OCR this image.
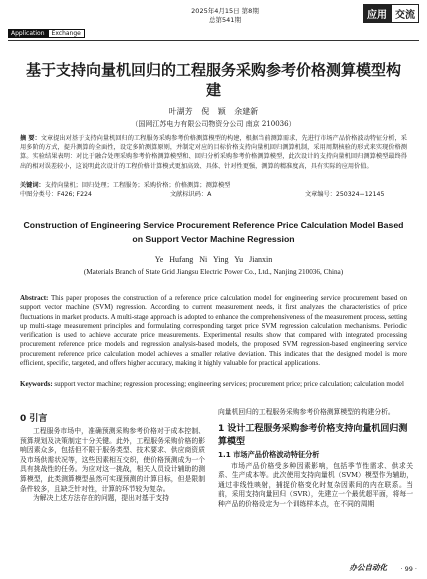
2025年4月15日 第8期
总第541期	应用 交流
Application	Exchange
基于支持向量机回归的工程服务采购参考价格测算模型构建
叶湖芳 倪 颖 余建新
（国网江苏电力有限公司物资分公司 南京 210036）
摘 要：文章提出对基于支持向量机回归的工程服务采购参考价格测算模型的构建，根据当前测算需求，先进行市场产品价格波动特征分析，采用多阶的方式，提升测算的全面性，设定多阶测算原则，并制定对应的目标价格支持向量机回归测算机制，采用周期核验的形式来实现价格测算。实验结果表明：对比于融合处理采购参考价格测算模型和、回归分析采购参考价格测算模型，此次设计的支持向量机回归测算模型最终得出的相对误差较小，这说明此次设计的工程价格计算模式更加高效、具体、针对性更强，测算的精准度高，具有实际的应用价值。
关键词：支持向量机；回归处理；工程服务；采购价格；价格测算；测算模型
中图分类号：F426; F224	文献标识码：A	文章编号：250324−12145
Construction of Engineering Service Procurement Reference Price Calculation Model Based on Support Vector Machine Regression
Ye Hufang Ni Ying Yu Jianxin
(Materials Branch of State Grid Jiangsu Electric Power Co., Ltd., Nanjing 210036, China)
Abstract: This paper proposes the construction of a reference price calculation model for engineering service procurement based on support vector machine (SVM) regression. According to current measurement needs, it first analyzes the characteristics of price fluctuations in market products. A multi-stage approach is adopted to enhance the comprehensiveness of the measurement process, setting up multi-stage measurement principles and formulating corresponding target price SVM regression calculation mechanisms. Periodic verification is used to achieve accurate price measurements. Experimental results show that compared with integrated processing procurement reference price models and regression analysis-based models, the proposed SVM regression-based engineering service procurement reference price calculation model achieves a smaller relative deviation. This indicates that the designed model is more efficient, specific, targeted, and offers higher accuracy, making it highly valuable for practical applications.
Keywords: support vector machine; regression processing; engineering services; procurement price; price calculation; calculation model
0 引言

工程服务市场中，准确预测采购参考价格对于成本控制、预算规划及决策制定十分关键。此外，工程服务采购价格的影响因素众多，包括但不限于服务类型、技术要求、供应商资质及市场供需状况等，这些因素相互交织，使价格预测成为一个具有挑战性的任务。为应对这一挑战，相关人员设计辅助的测算模型，此类测算模型虽然可实现预测的计算目标，但是限制条件较多，且缺乏针对性，计算的环节较为复杂。

为解决上述方法存在的问题，提出对基于支持

向量机回归的工程服务采购参考价格测算模型的构建分析。

1 设计工程服务采购参考价格支持向量机回归测算模型
1.1 市场产品价格波动特征分析

市场产品价格受多种因素影响，包括季节性需求、供求关系、生产成本等。此次使用支持向量机（SVM）模型作为辅助，通过非线性映射，捕捉价格变化时复杂因素间的内在联系。当前，采用支持向量回归（SVR），先建立一个最优超平面，将每一种产品的价格设定为一个训练样本点，在不同的周期

办公自动化 · 99 ·
